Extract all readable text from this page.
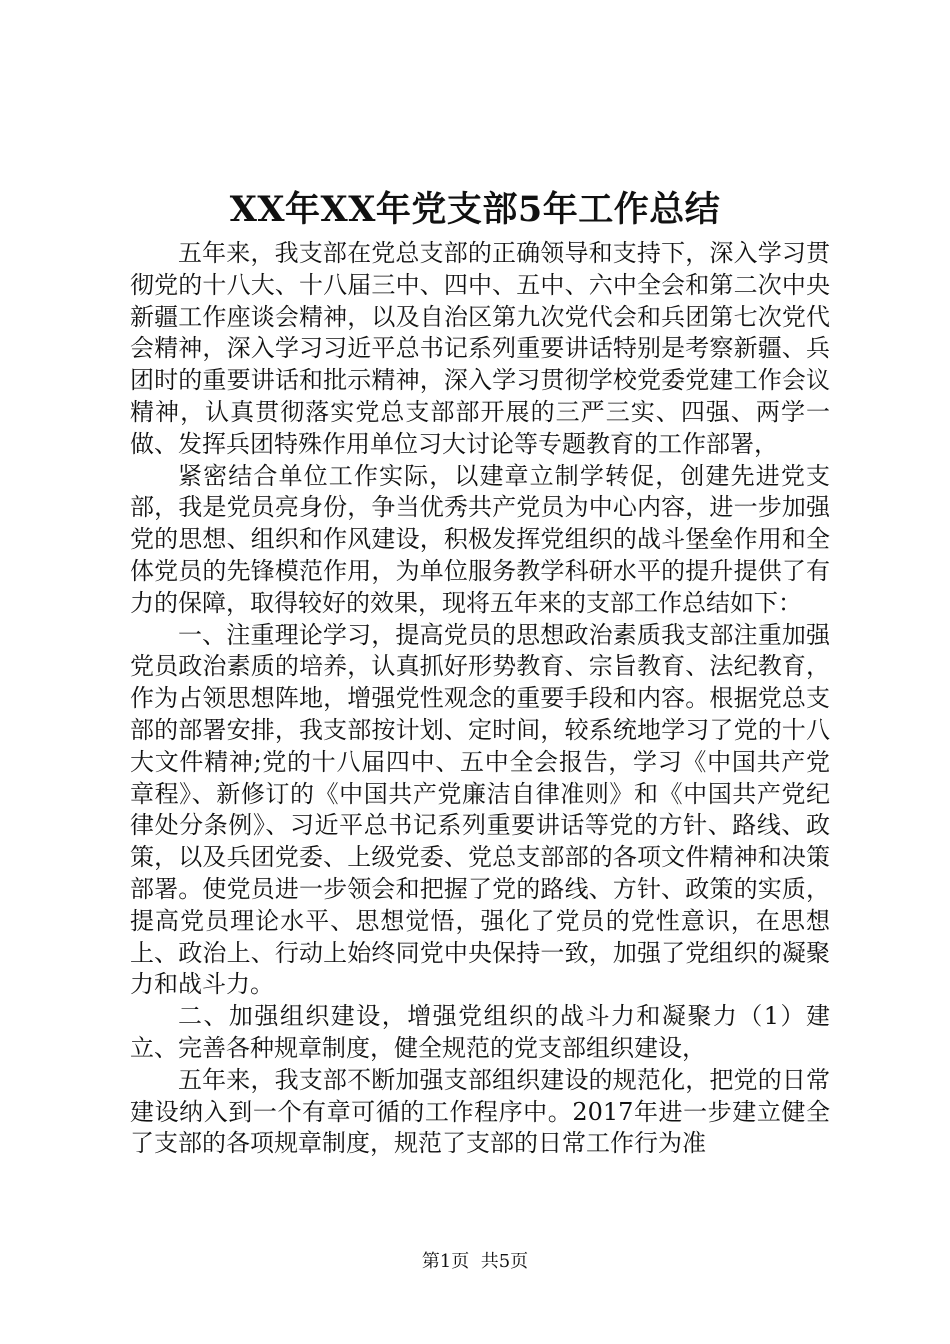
XX年XX年党支部5年工作总结

五年来，我支部在党总支部的正确领导和支持下，深入学习贯彻党的十八大、十八届三中、四中、五中、六中全会和第二次中央新疆工作座谈会精神，以及自治区第九次党代会和兵团第七次党代会精神，深入学习习近平总书记系列重要讲话特别是考察新疆、兵团时的重要讲话和批示精神，深入学习贯彻学校党委党建工作会议精神，认真贯彻落实党总支部部开展的三严三实、四强、两学一做、发挥兵团特殊作用单位习大讨论等专题教育的工作部署，

紧密结合单位工作实际，以建章立制学转促，创建先进党支部，我是党员亮身份，争当优秀共产党员为中心内容，进一步加强党的思想、组织和作风建设，积极发挥党组织的战斗堡垒作用和全体党员的先锋模范作用，为单位服务教学科研水平的提升提供了有力的保障，取得较好的效果，现将五年来的支部工作总结如下：

一、注重理论学习，提高党员的思想政治素质我支部注重加强党员政治素质的培养，认真抓好形势教育、宗旨教育、法纪教育，作为占领思想阵地，增强党性观念的重要手段和内容。根据党总支部的部署安排，我支部按计划、定时间，较系统地学习了党的十八大文件精神;党的十八届四中、五中全会报告，学习《中国共产党章程》、新修订的《中国共产党廉洁自律准则》和《中国共产党纪律处分条例》、习近平总书记系列重要讲话等党的方针、路线、政策，以及兵团党委、上级党委、党总支部部的各项文件精神和决策部署。使党员进一步领会和把握了党的路线、方针、政策的实质，提高党员理论水平、思想觉悟，强化了党员的党性意识，在思想上、政治上、行动上始终同党中央保持一致，加强了党组织的凝聚力和战斗力。

二、加强组织建设，增强党组织的战斗力和凝聚力（1）建立、完善各种规章制度，健全规范的党支部组织建设，

五年来，我支部不断加强支部组织建设的规范化，把党的日常建设纳入到一个有章可循的工作程序中。2017年进一步建立健全了支部的各项规章制度，规范了支部的日常工作行为准

第1页 共5页
